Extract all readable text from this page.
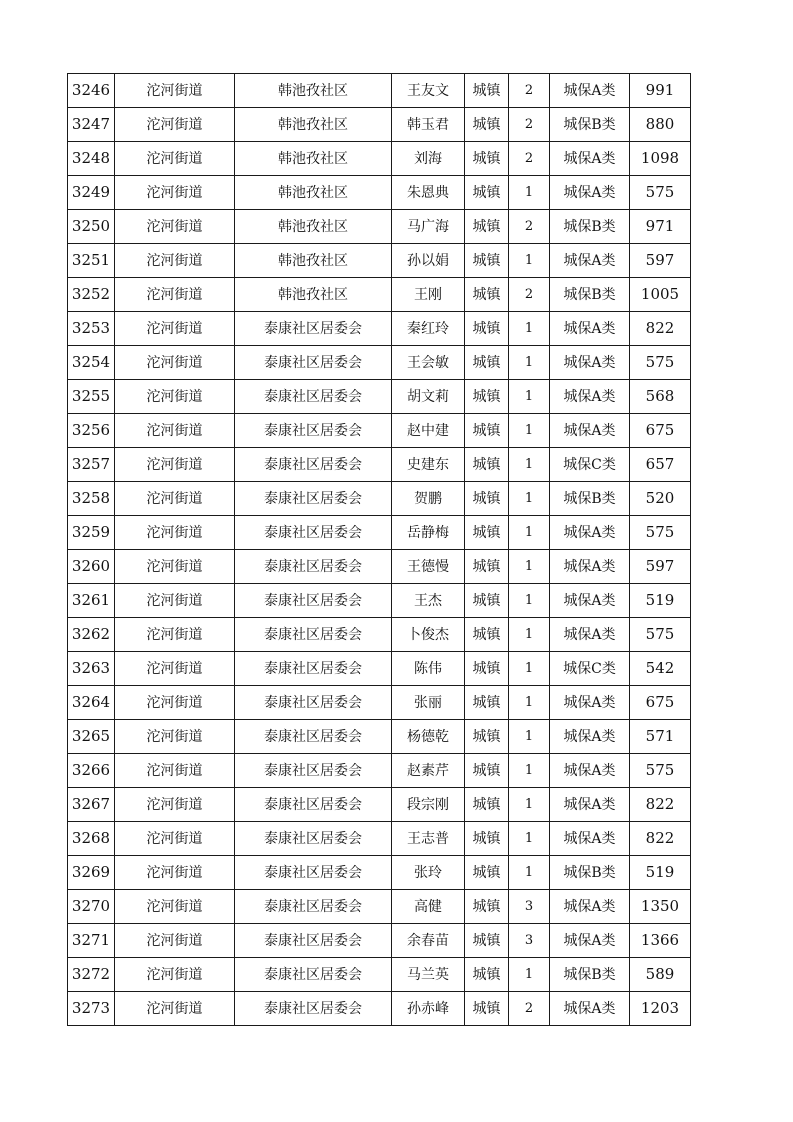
3246	沱河街道	韩池孜社区	王友文	城镇	2	城保A类	991
3247	沱河街道	韩池孜社区	韩玉君	城镇	2	城保B类	880
3248	沱河街道	韩池孜社区	刘海	城镇	2	城保A类	1098
3249	沱河街道	韩池孜社区	朱恩典	城镇	1	城保A类	575
3250	沱河街道	韩池孜社区	马广海	城镇	2	城保B类	971
3251	沱河街道	韩池孜社区	孙以娟	城镇	1	城保A类	597
3252	沱河街道	韩池孜社区	王刚	城镇	2	城保B类	1005
3253	沱河街道	泰康社区居委会	秦红玲	城镇	1	城保A类	822
3254	沱河街道	泰康社区居委会	王会敏	城镇	1	城保A类	575
3255	沱河街道	泰康社区居委会	胡文莉	城镇	1	城保A类	568
3256	沱河街道	泰康社区居委会	赵中建	城镇	1	城保A类	675
3257	沱河街道	泰康社区居委会	史建东	城镇	1	城保C类	657
3258	沱河街道	泰康社区居委会	贺鹏	城镇	1	城保B类	520
3259	沱河街道	泰康社区居委会	岳静梅	城镇	1	城保A类	575
3260	沱河街道	泰康社区居委会	王德慢	城镇	1	城保A类	597
3261	沱河街道	泰康社区居委会	王杰	城镇	1	城保A类	519
3262	沱河街道	泰康社区居委会	卜俊杰	城镇	1	城保A类	575
3263	沱河街道	泰康社区居委会	陈伟	城镇	1	城保C类	542
3264	沱河街道	泰康社区居委会	张丽	城镇	1	城保A类	675
3265	沱河街道	泰康社区居委会	杨德乾	城镇	1	城保A类	571
3266	沱河街道	泰康社区居委会	赵素芹	城镇	1	城保A类	575
3267	沱河街道	泰康社区居委会	段宗刚	城镇	1	城保A类	822
3268	沱河街道	泰康社区居委会	王志普	城镇	1	城保A类	822
3269	沱河街道	泰康社区居委会	张玲	城镇	1	城保B类	519
3270	沱河街道	泰康社区居委会	高健	城镇	3	城保A类	1350
3271	沱河街道	泰康社区居委会	余春苗	城镇	3	城保A类	1366
3272	沱河街道	泰康社区居委会	马兰英	城镇	1	城保B类	589
3273	沱河街道	泰康社区居委会	孙赤峰	城镇	2	城保A类	1203
